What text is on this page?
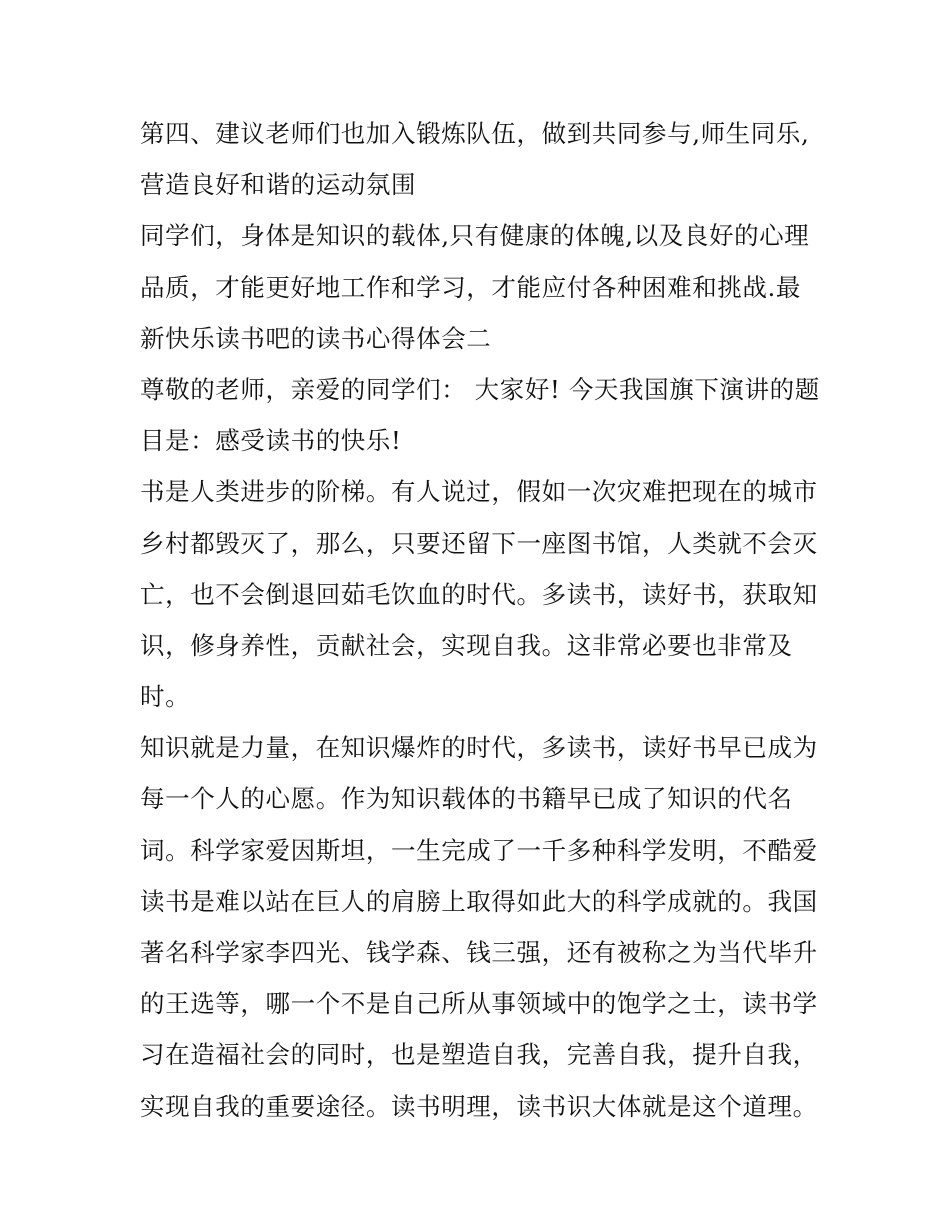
第四、建议老师们也加入锻炼队伍，做到共同参与,师生同乐,
营造良好和谐的运动氛围
同学们，身体是知识的载体,只有健康的体魄,以及良好的心理
品质，才能更好地工作和学习，才能应付各种困难和挑战.最
新快乐读书吧的读书心得体会二
尊敬的老师，亲爱的同学们： 大家好! 今天我国旗下演讲的题
目是：感受读书的快乐!
书是人类进步的阶梯。有人说过，假如一次灾难把现在的城市
乡村都毁灭了，那么，只要还留下一座图书馆，人类就不会灭
亡，也不会倒退回茹毛饮血的时代。多读书，读好书，获取知
识，修身养性，贡献社会，实现自我。这非常必要也非常及
时。
知识就是力量，在知识爆炸的时代，多读书，读好书早已成为
每一个人的心愿。作为知识载体的书籍早已成了知识的代名
词。科学家爱因斯坦，一生完成了一千多种科学发明，不酷爱
读书是难以站在巨人的肩膀上取得如此大的科学成就的。我国
著名科学家李四光、钱学森、钱三强，还有被称之为当代毕升
的王选等，哪一个不是自己所从事领域中的饱学之士，读书学
习在造福社会的同时，也是塑造自我，完善自我，提升自我，
实现自我的重要途径。读书明理，读书识大体就是这个道理。
